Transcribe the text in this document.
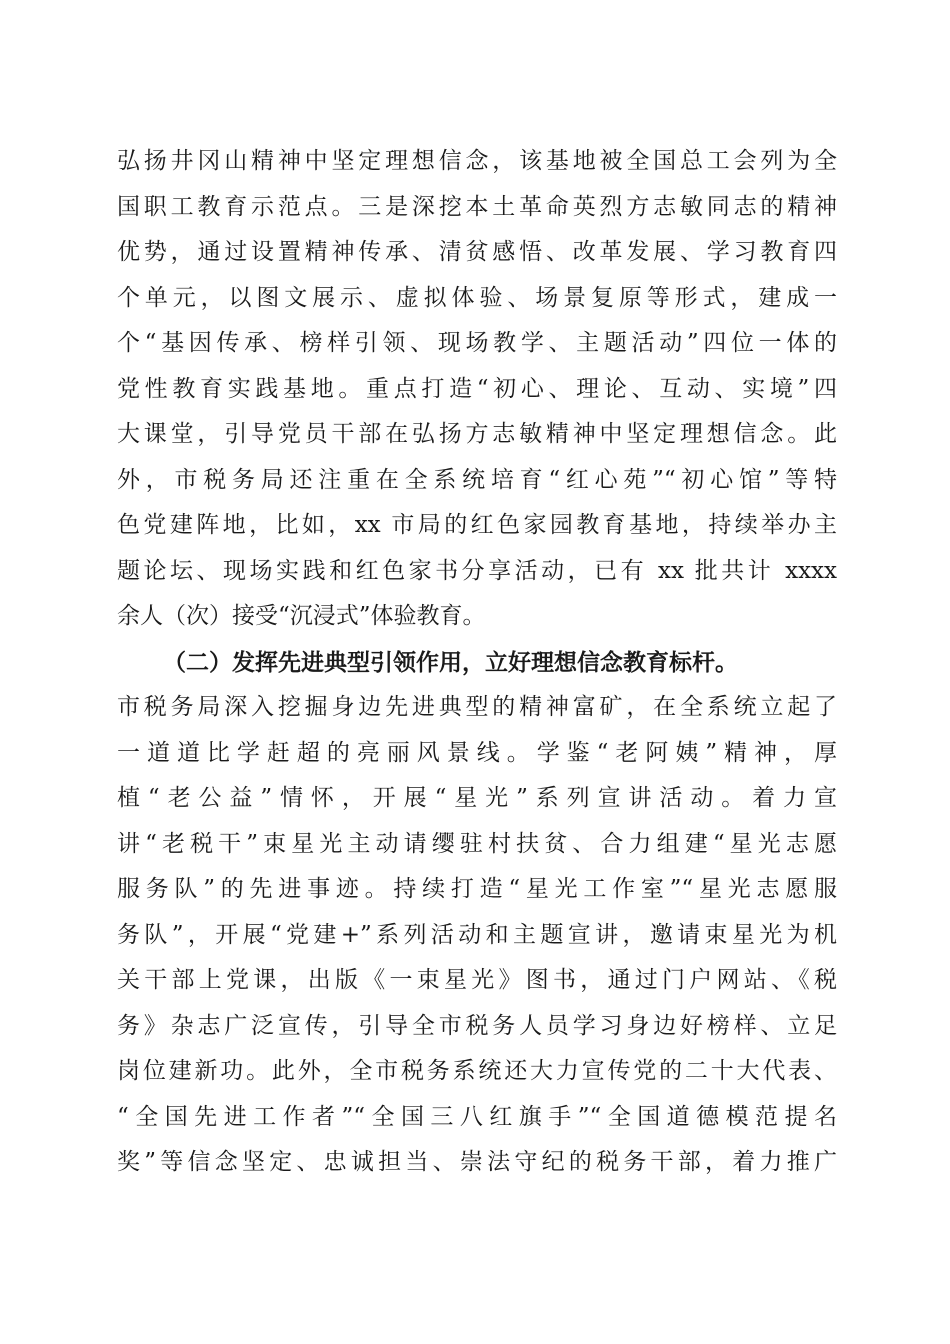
弘扬井冈山精神中坚定理想信念，该基地被全国总工会列为全
国职工教育示范点。三是深挖本土革命英烈方志敏同志的精神
优势，通过设置精神传承、清贫感悟、改革发展、学习教育四
个单元，以图文展示、虚拟体验、场景复原等形式，建成一
个“基因传承、榜样引领、现场教学、主题活动”四位一体的
党性教育实践基地。重点打造“初心、理论、互动、实境”四
大课堂，引导党员干部在弘扬方志敏精神中坚定理想信念。此
外，市税务局还注重在全系统培育“红心苑”“初心馆”等特
色党建阵地，比如，xx 市局的红色家园教育基地，持续举办主
题论坛、现场实践和红色家书分享活动，已有 xx 批共计 xxxx
余人（次）接受“沉浸式”体验教育。
（二）发挥先进典型引领作用，立好理想信念教育标杆。
市税务局深入挖掘身边先进典型的精神富矿，在全系统立起了
一道道比学赶超的亮丽风景线。学鉴“老阿姨”精神，厚
植“老公益”情怀，开展“星光”系列宣讲活动。着力宣
讲“老税干”束星光主动请缨驻村扶贫、合力组建“星光志愿
服务队”的先进事迹。持续打造“星光工作室”“星光志愿服
务队”，开展“党建+”系列活动和主题宣讲，邀请束星光为机
关干部上党课，出版《一束星光》图书，通过门户网站、《税
务》杂志广泛宣传，引导全市税务人员学习身边好榜样、立足
岗位建新功。此外，全市税务系统还大力宣传党的二十大代表、
“全国先进工作者”“全国三八红旗手”“全国道德模范提名
奖”等信念坚定、忠诚担当、崇法守纪的税务干部，着力推广
